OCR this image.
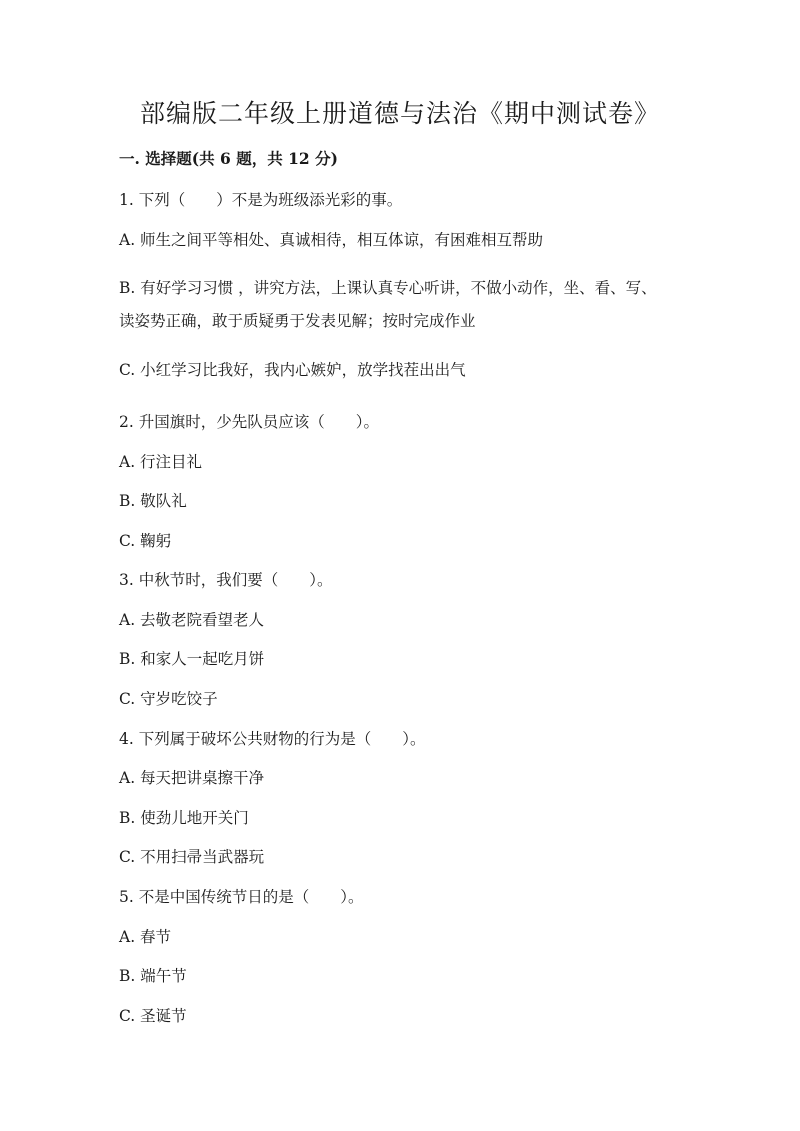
部编版二年级上册道德与法治《期中测试卷》
一. 选择题(共 6 题，共 12 分)
1. 下列（　　）不是为班级添光彩的事。
A. 师生之间平等相处、真诚相待，相互体谅，有困难相互帮助
B. 有好学习习惯 ，讲究方法，上课认真专心听讲，不做小动作，坐、看、写、
读姿势正确，敢于质疑勇于发表见解；按时完成作业
C. 小红学习比我好，我内心嫉妒，放学找茬出出气
2. 升国旗时，少先队员应该（　　）。
A. 行注目礼
B. 敬队礼
C. 鞠躬
3. 中秋节时，我们要（　　）。
A. 去敬老院看望老人
B. 和家人一起吃月饼
C. 守岁吃饺子
4. 下列属于破坏公共财物的行为是（　　）。
A. 每天把讲桌擦干净
B. 使劲儿地开关门
C. 不用扫帚当武器玩
5. 不是中国传统节日的是（　　）。
A. 春节
B. 端午节
C. 圣诞节
